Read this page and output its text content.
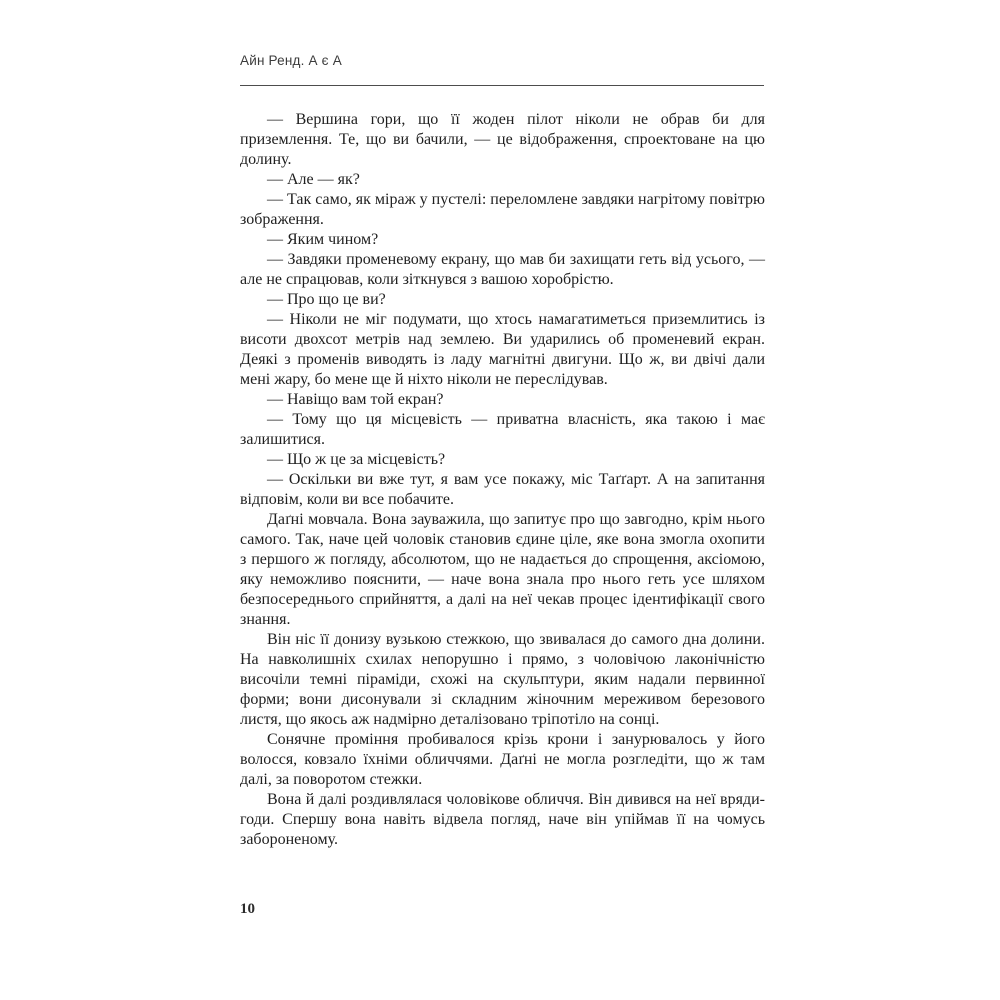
Айн Ренд. А є А

— Вершина гори, що її жоден пілот ніколи не обрав би для приземлення. Те, що ви бачили, — це відображення, спроектоване на цю долину.

— Але — як?

— Так само, як міраж у пустелі: переломлене завдяки нагрітому повітрю зображення.

— Яким чином?

— Завдяки променевому екрану, що мав би захищати геть від усього, — але не спрацював, коли зіткнувся з вашою хоробрістю.

— Про що це ви?

— Ніколи не міг подумати, що хтось намагатиметься приземлитись із висоти двохсот метрів над землею. Ви ударились об променевий екран. Деякі з променів виводять із ладу магнітні двигуни. Що ж, ви двічі дали мені жару, бо мене ще й ніхто ніколи не переслідував.

— Навіщо вам той екран?

— Тому що ця місцевість — приватна власність, яка такою і має залишитися.

— Що ж це за місцевість?

— Оскільки ви вже тут, я вам усе покажу, міс Таґґарт. А на запитання відповім, коли ви все побачите.

Даґні мовчала. Вона зауважила, що запитує про що завгодно, крім нього самого. Так, наче цей чоловік становив єдине ціле, яке вона змогла охопити з першого ж погляду, абсолютом, що не надається до спрощення, аксіомою, яку неможливо пояснити, — наче вона знала про нього геть усе шляхом безпосереднього сприйняття, а далі на неї чекав процес ідентифікації свого знання.

Він ніс її донизу вузькою стежкою, що звивалася до самого дна долини. На навколишніх схилах непорушно і прямо, з чоловічою лаконічністю височіли темні піраміди, схожі на скульптури, яким надали первинної форми; вони дисонували зі складним жіночним мереживом березового листя, що якось аж надмірно деталізовано тріпотіло на сонці.

Сонячне проміння пробивалося крізь крони і занурювалось у його волосся, ковзало їхніми обличчями. Даґні не могла розгледіти, що ж там далі, за поворотом стежки.

Вона й далі роздивлялася чоловікове обличчя. Він дивився на неї вряди-годи. Спершу вона навіть відвела погляд, наче він упіймав її на чомусь забороненому.

10
